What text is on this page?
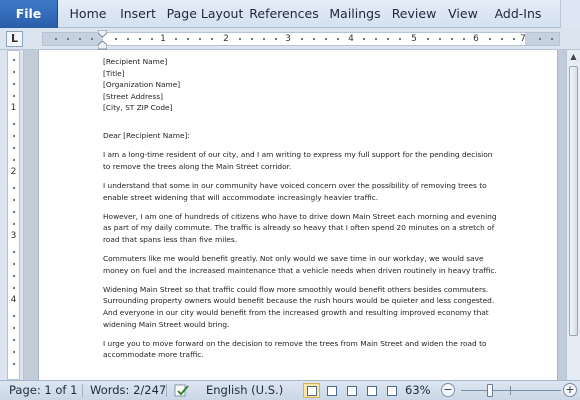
File	Home	Insert Page Layout References Mailings Review View	Add-Ins
L	1	2	3	4	5	6	7
1
2
3
4

[Recipient Name]

[Title]

[Organization Name]

[Street Address]

[City, ST ZIP Code]

Dear [Recipient Name]:

I am a long-time resident of our city, and I am writing to express my full support for the pending decision to remove the trees along the Main Street corridor.

I understand that some in our community have voiced concern over the possibility of removing trees to enable street widening that will accommodate increasingly heavier traffic.

However, I am one of hundreds of citizens who have to drive down Main Street each morning and evening as part of my daily commute. The traffic is already so heavy that I often spend 20 minutes on a stretch of road that spans less than five miles.

Commuters like me would benefit greatly. Not only would we save time in our workday, we would save money on fuel and the increased maintenance that a vehicle needs when driven routinely in heavy traffic.

Widening Main Street so that traffic could flow more smoothly would benefit others besides commuters. Surrounding property owners would benefit because the rush hours would be quieter and less congested. And everyone in our city would benefit from the increased growth and resulting improved economy that widening Main Street would bring.

I urge you to move forward on the decision to remove the trees from Main Street and widen the road to accommodate more traffic.

▲
Page: 1 of 1 Words: 2/247	English (U.S.)	63% −	+
